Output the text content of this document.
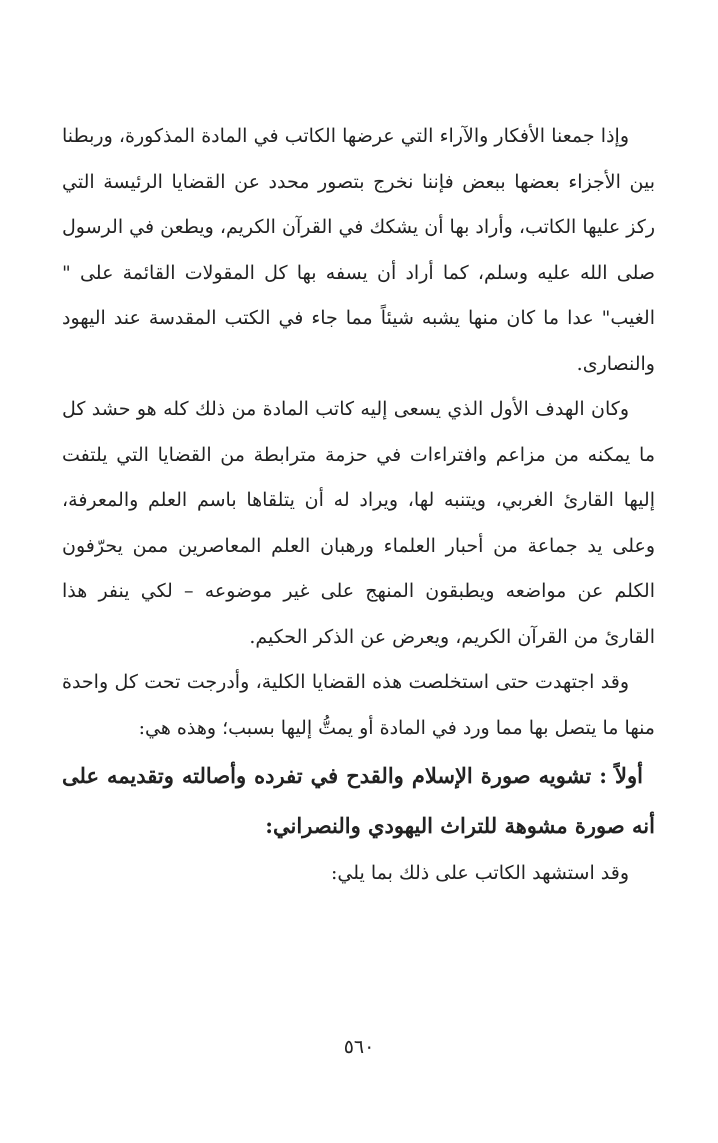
وإذا جمعنا الأفكار والآراء التي عرضها الكاتب في المادة المذكورة، وربطنا بين الأجزاء بعضها ببعض فإننا نخرج بتصور محدد عن القضايا الرئيسة التي ركز عليها الكاتب، وأراد بها أن يشكك في القرآن الكريم، ويطعن في الرسول صلى الله عليه وسلم، كما أراد أن يسفه بها كل المقولات القائمة على " الغيب" عدا ما كان منها يشبه شيئاً مما جاء في الكتب المقدسة عند اليهود والنصارى.

وكان الهدف الأول الذي يسعى إليه كاتب المادة من ذلك كله هو حشد كل ما يمكنه من مزاعم وافتراءات في حزمة مترابطة من القضايا التي يلتفت إليها القارئ الغربي، ويتنبه لها، ويراد له أن يتلقاها باسم العلم والمعرفة، وعلى يد جماعة من أحبار العلماء ورهبان العلم المعاصرين ممن يحرّفون الكلم عن مواضعه ويطبقون المنهج على غير موضوعه – لكي ينفر هذا القارئ من القرآن الكريم، ويعرض عن الذكر الحكيم.

وقد اجتهدت حتى استخلصت هذه القضايا الكلية، وأدرجت تحت كل واحدة منها ما يتصل بها مما ورد في المادة أو يمتُّ إليها بسبب؛ وهذه هي:

أولاً : تشويه صورة الإسلام والقدح في تفرده وأصالته وتقديمه على أنه صورة مشوهة للتراث اليهودي والنصراني:

وقد استشهد الكاتب على ذلك بما يلي:

٥٦٠
